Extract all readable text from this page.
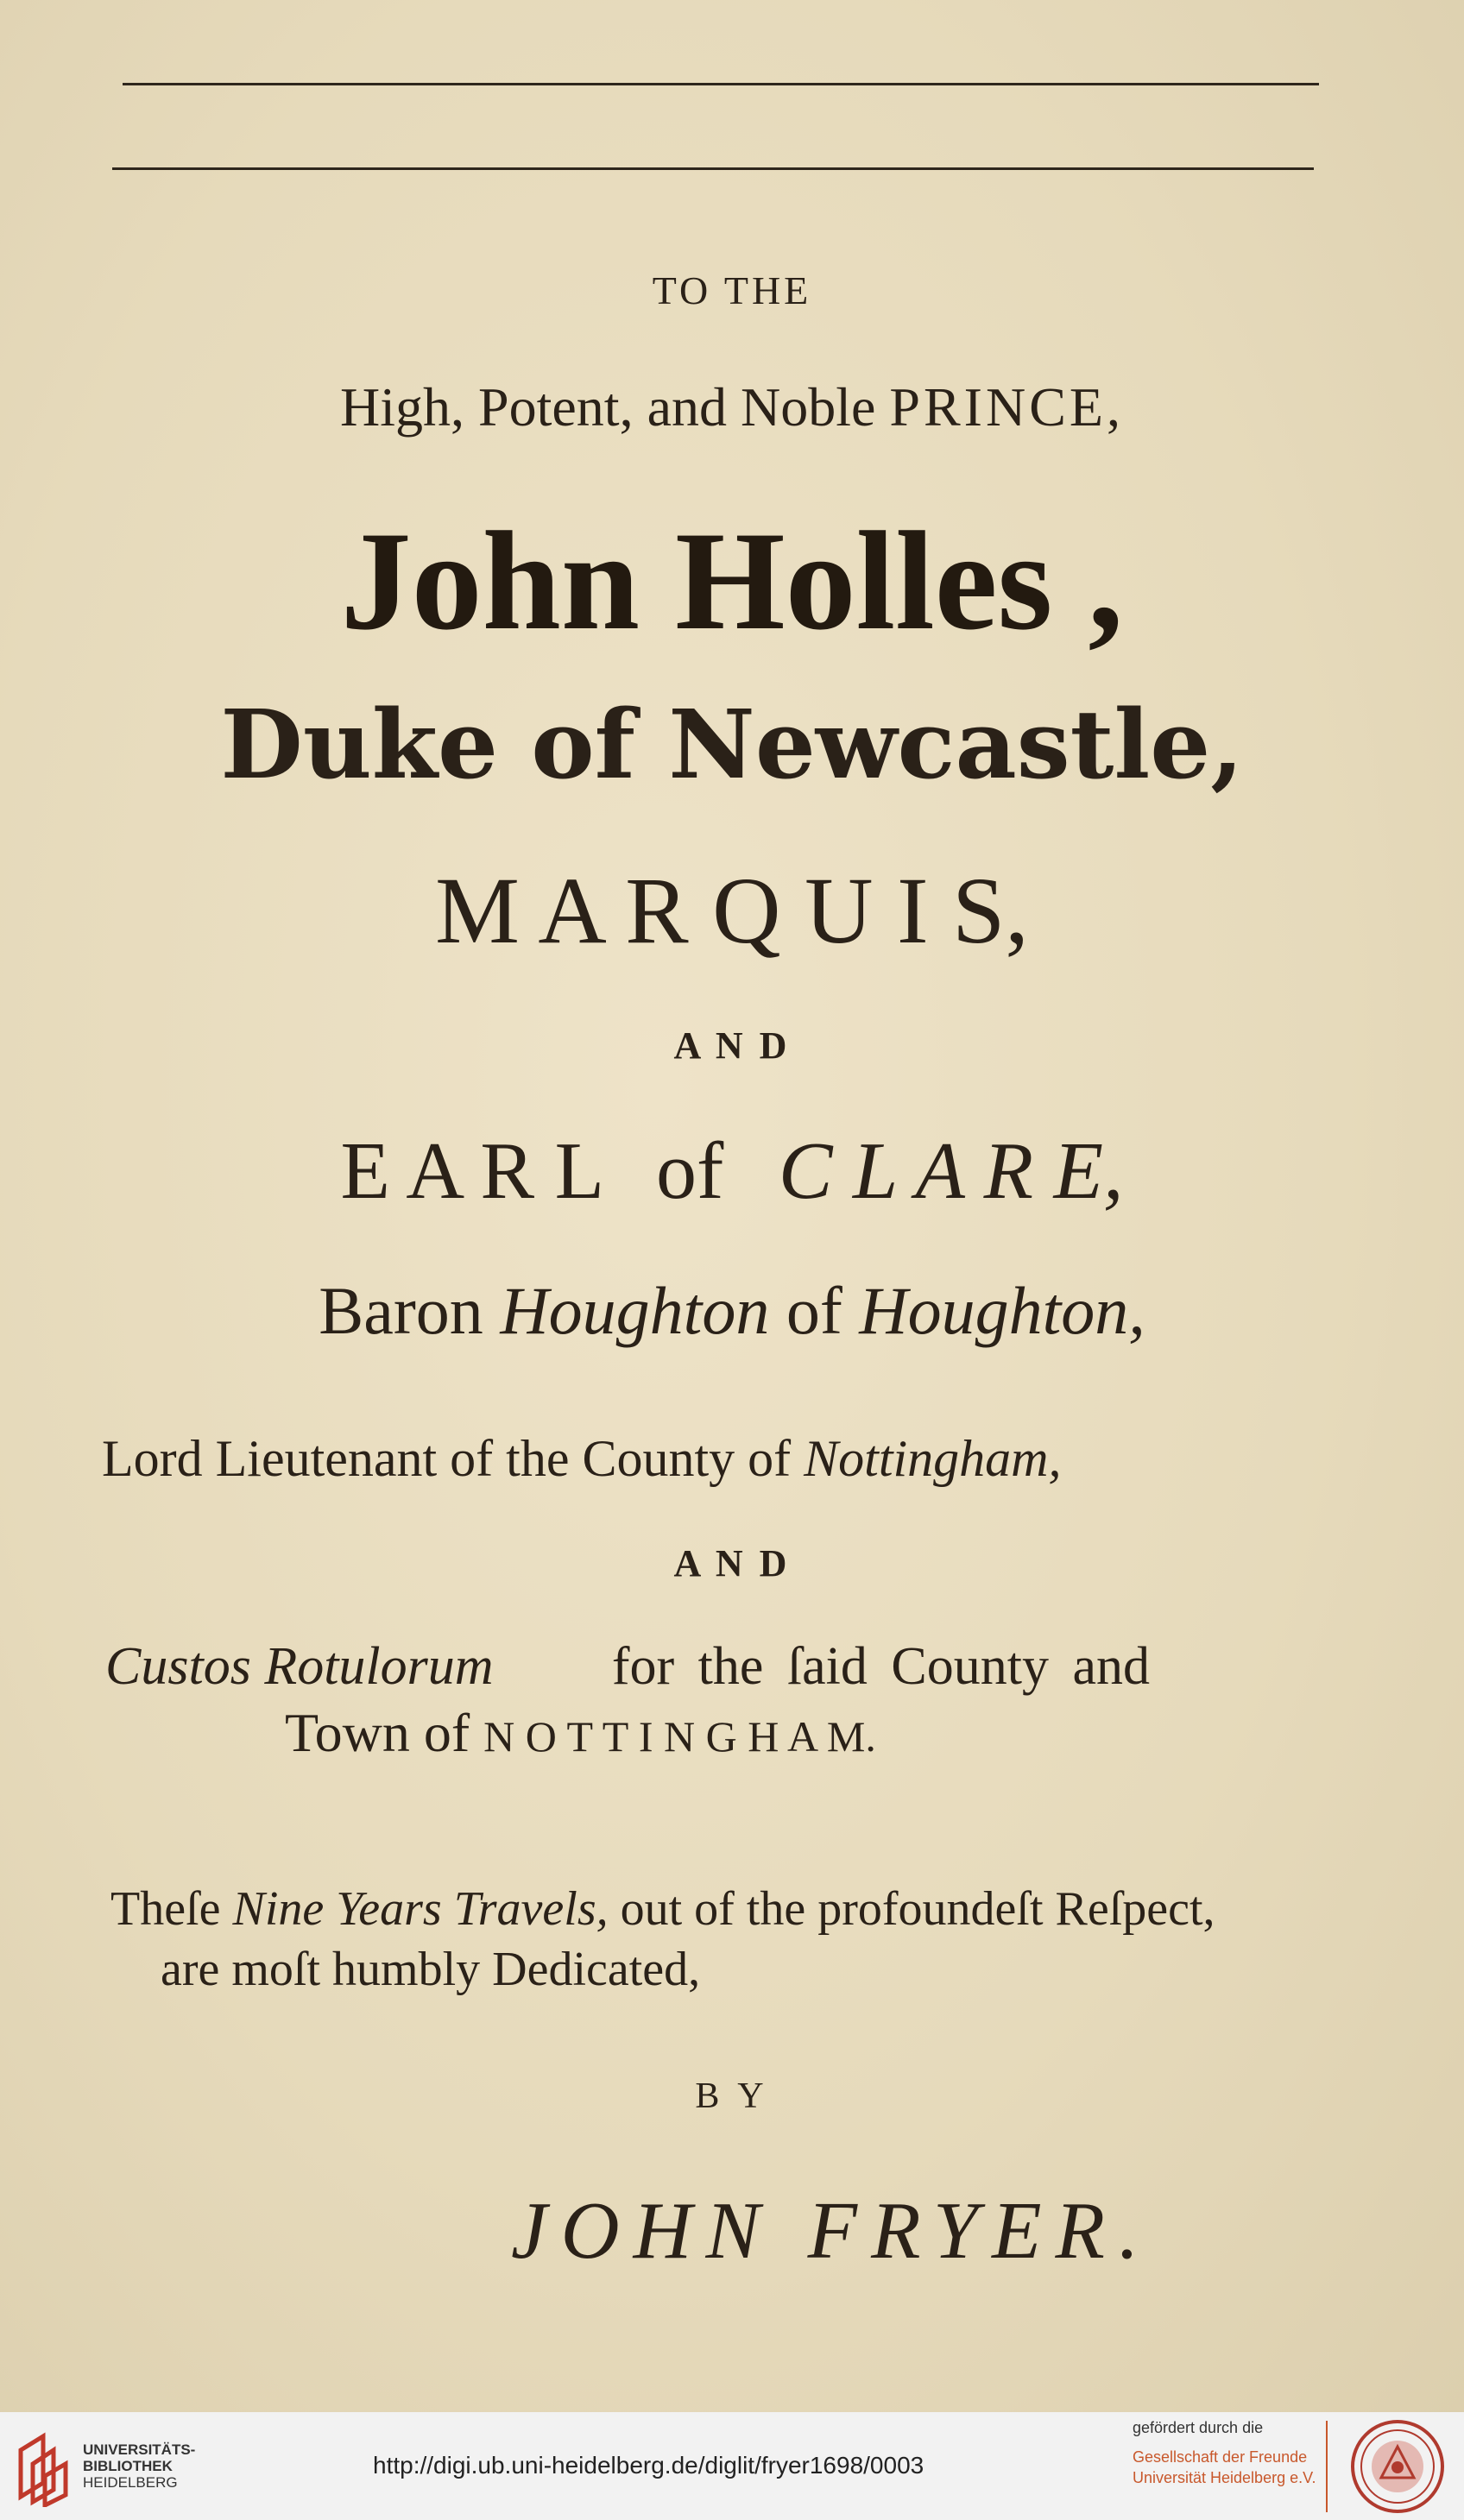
TO THE
High, Potent, and Noble PRINCE,
John Holles ,
Duke of Newcastle,
M A R Q U I S,
A N D
E A R L of C L A R E,
Baron Houghton of Houghton,
Lord Lieutenant of the County of Nottingham,
A N D
Custos Rotulorum for the ſaid County and
Town of N O T T I N G H A M.
Theſe Nine Years Travels, out of the profoundeſt Reſpect,
are moſt humbly Dedicated,
B Y
JOHN FRYER.
UNIVERSITÄTS-
BIBLIOTHEK
HEIDELBERG
http://digi.ub.uni-heidelberg.de/diglit/fryer1698/0003
gefördert durch die
Gesellschaft der Freunde
Universität Heidelberg e.V.
